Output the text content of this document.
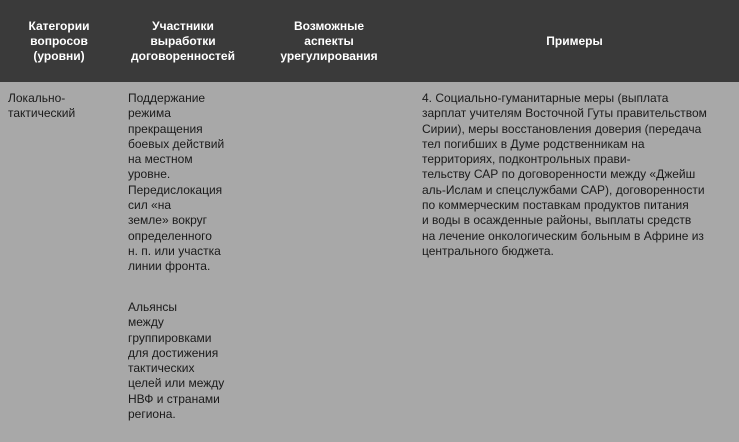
Категории
вопросов
(уровни)
Участники
выработки
договоренностей
Возможные
аспекты
урегулирования
Примеры
Локально-
тактический
Поддержание
режима
прекращения
боевых действий
на местном
уровне.
Передислокация
сил «на
земле» вокруг
определенного
н. п. или участка
линии фронта.
Альянсы
между
группировками
для достижения
тактических
целей или между
НВФ и странами
региона.
4. Социально-гуманитарные меры (выплата
зарплат учителям Восточной Гуты правительством
Сирии), меры восстановления доверия (передача
тел погибших в Думе родственникам на
территориях, подконтрольных прави-
тельству САР по договоренности между «Джейш
аль-Ислам и спецслужбами САР), договоренности
по коммерческим поставкам продуктов питания
и воды в осажденные районы, выплаты средств
на лечение онкологическим больным в Африне из
центрального бюджета.
